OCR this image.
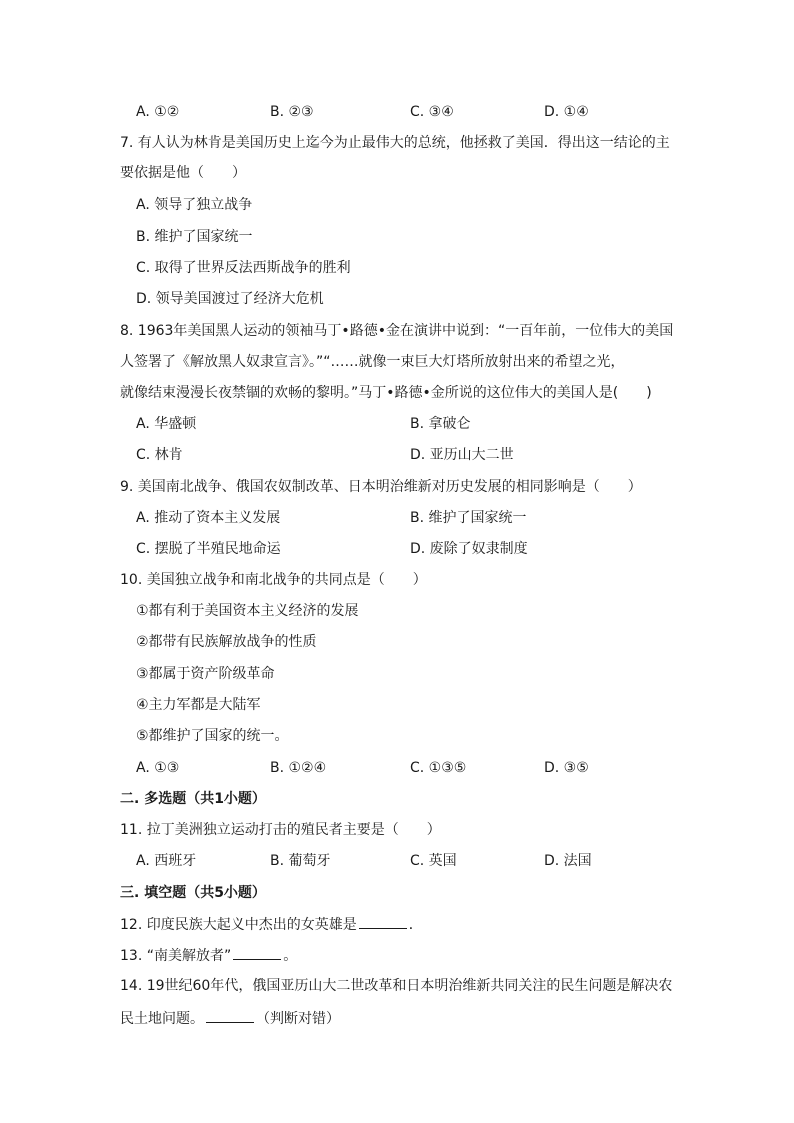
A. ①②	B. ②③	C. ③④	D. ①④
7. 有人认为林肯是美国历史上迄今为止最伟大的总统，他拯救了美国．得出这一结论的主
要依据是他（　　）
A. 领导了独立战争
B. 维护了国家统一
C. 取得了世界反法西斯战争的胜利
D. 领导美国渡过了经济大危机
8. 1963年美国黑人运动的领袖马丁•路德•金在演讲中说到：“一百年前，一位伟大的美国
人签署了《解放黑人奴隶宣言》。”“……就像一束巨大灯塔所放射出来的希望之光，
就像结束漫漫长夜禁锢的欢畅的黎明。”马丁•路德•金所说的这位伟大的美国人是(　　)
A. 华盛顿	B. 拿破仑
C. 林肯	D. 亚历山大二世
9. 美国南北战争、俄国农奴制改革、日本明治维新对历史发展的相同影响是（　　）
A. 推动了资本主义发展	B. 维护了国家统一
C. 摆脱了半殖民地命运	D. 废除了奴隶制度
10. 美国独立战争和南北战争的共同点是（　　）
①都有利于美国资本主义经济的发展
②都带有民族解放战争的性质
③都属于资产阶级革命
④主力军都是大陆军
⑤都维护了国家的统一。
A. ①③	B. ①②④	C. ①③⑤	D. ③⑤
二. 多选题（共1小题）
11. 拉丁美洲独立运动打击的殖民者主要是（　　）
A. 西班牙	B. 葡萄牙	C. 英国	D. 法国
三. 填空题（共5小题）
12. 印度民族大起义中杰出的女英雄是	．
13. “南美解放者”	。
14. 19世纪60年代，俄国亚历山大二世改革和日本明治维新共同关注的民生问题是解决农
民土地问题。	（判断对错）
